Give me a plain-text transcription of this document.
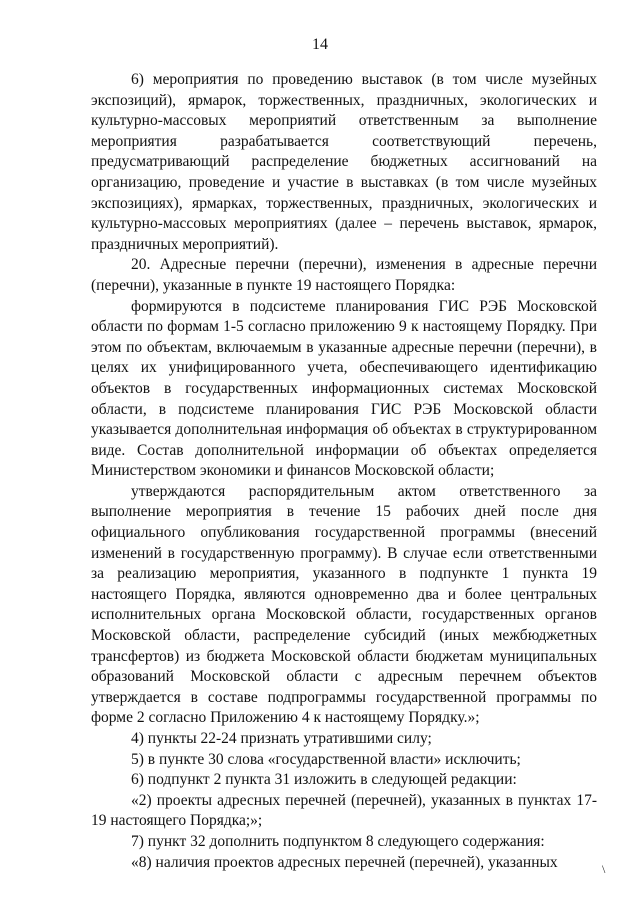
14

6) мероприятия по проведению выставок (в том числе музейных экспозиций), ярмарок, торжественных, праздничных, экологических и культурно-массовых мероприятий ответственным за выполнение мероприятия разрабатывается соответствующий перечень, предусматривающий распределение бюджетных ассигнований на организацию, проведение и участие в выставках (в том числе музейных экспозициях), ярмарках, торжественных, праздничных, экологических и культурно-массовых мероприятиях (далее – перечень выставок, ярмарок, праздничных мероприятий).

20. Адресные перечни (перечни), изменения в адресные перечни (перечни), указанные в пункте 19 настоящего Порядка:

формируются в подсистеме планирования ГИС РЭБ Московской области по формам 1-5 согласно приложению 9 к настоящему Порядку. При этом по объектам, включаемым в указанные адресные перечни (перечни), в целях их унифицированного учета, обеспечивающего идентификацию объектов в государственных информационных системах Московской области, в подсистеме планирования ГИС РЭБ Московской области указывается дополнительная информация об объектах в структурированном виде. Состав дополнительной информации об объектах определяется Министерством экономики и финансов Московской области;

утверждаются распорядительным актом ответственного за выполнение мероприятия в течение 15 рабочих дней после дня официального опубликования государственной программы (внесений изменений в государственную программу). В случае если ответственными за реализацию мероприятия, указанного в подпункте 1 пункта 19 настоящего Порядка, являются одновременно два и более центральных исполнительных органа Московской области, государственных органов Московской области, распределение субсидий (иных межбюджетных трансфертов) из бюджета Московской области бюджетам муниципальных образований Московской области с адресным перечнем объектов утверждается в составе подпрограммы государственной программы по форме 2 согласно Приложению 4 к настоящему Порядку.»;

4) пункты 22-24 признать утратившими силу;

5) в пункте 30 слова «государственной власти» исключить;

6) подпункт 2 пункта 31 изложить в следующей редакции:

«2) проекты адресных перечней (перечней), указанных в пунктах 17-19 настоящего Порядка;»;

7) пункт 32 дополнить подпунктом 8 следующего содержания:

«8) наличия проектов адресных перечней (перечней), указанных	\
